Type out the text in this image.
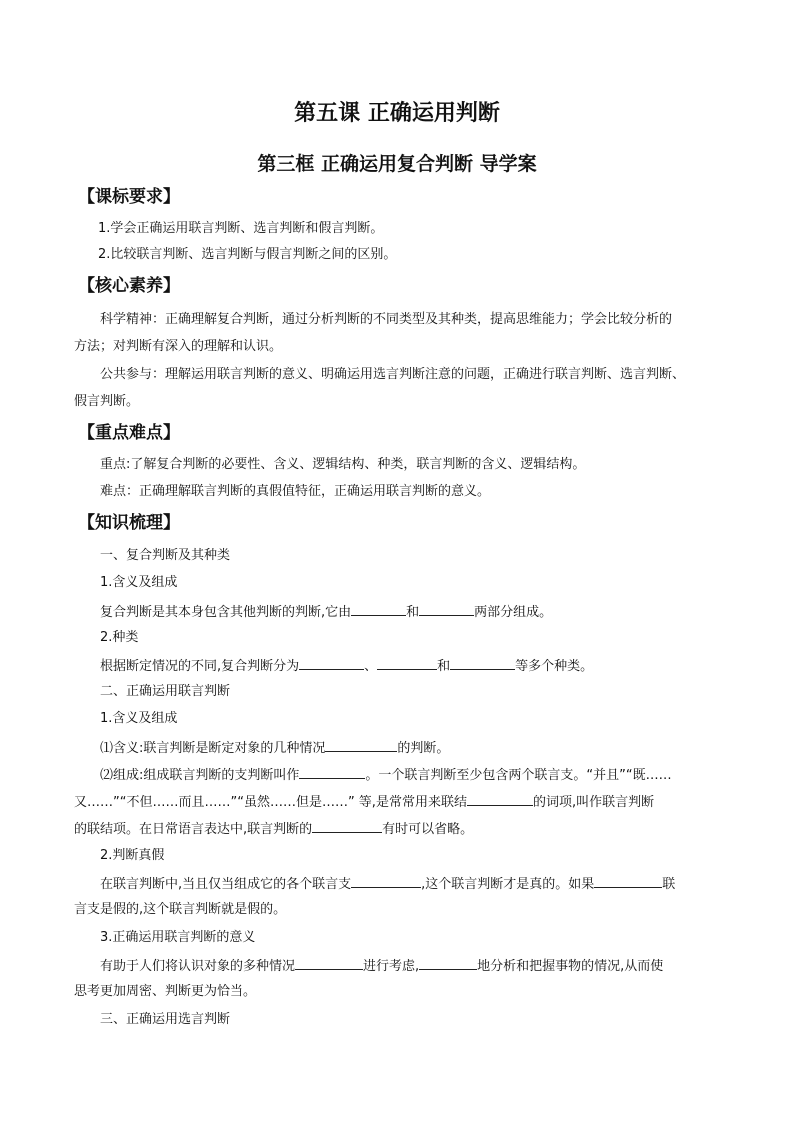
第五课 正确运用判断
第三框 正确运用复合判断 导学案
【课标要求】
1.学会正确运用联言判断、选言判断和假言判断。
2.比较联言判断、选言判断与假言判断之间的区别。
【核心素养】
科学精神：正确理解复合判断，通过分析判断的不同类型及其种类，提高思维能力；学会比较分析的
方法；对判断有深入的理解和认识。
公共参与：理解运用联言判断的意义、明确运用选言判断注意的问题，正确进行联言判断、选言判断、
假言判断。
【重点难点】
重点:了解复合判断的必要性、含义、逻辑结构、种类，联言判断的含义、逻辑结构。
难点：正确理解联言判断的真假值特征，正确运用联言判断的意义。
【知识梳理】
一、复合判断及其种类
1.含义及组成
复合判断是其本身包含其他判断的判断,它由	和	两部分组成。
2.种类
根据断定情况的不同,复合判断分为	、	和	等多个种类。
二、正确运用联言判断
1.含义及组成
⑴含义:联言判断是断定对象的几种情况	的判断。
⑵组成:组成联言判断的支判断叫作	。一个联言判断至少包含两个联言支。“并且”“既……
又……”“不但……而且……”“虽然……但是……” 等,是常常用来联结	的词项,叫作联言判断
的联结项。在日常语言表达中,联言判断的	有时可以省略。
2.判断真假
在联言判断中,当且仅当组成它的各个联言支	,这个联言判断才是真的。如果	联
言支是假的,这个联言判断就是假的。
3.正确运用联言判断的意义
有助于人们将认识对象的多种情况	进行考虑,	地分析和把握事物的情况,从而使
思考更加周密、判断更为恰当。
三、正确运用选言判断
